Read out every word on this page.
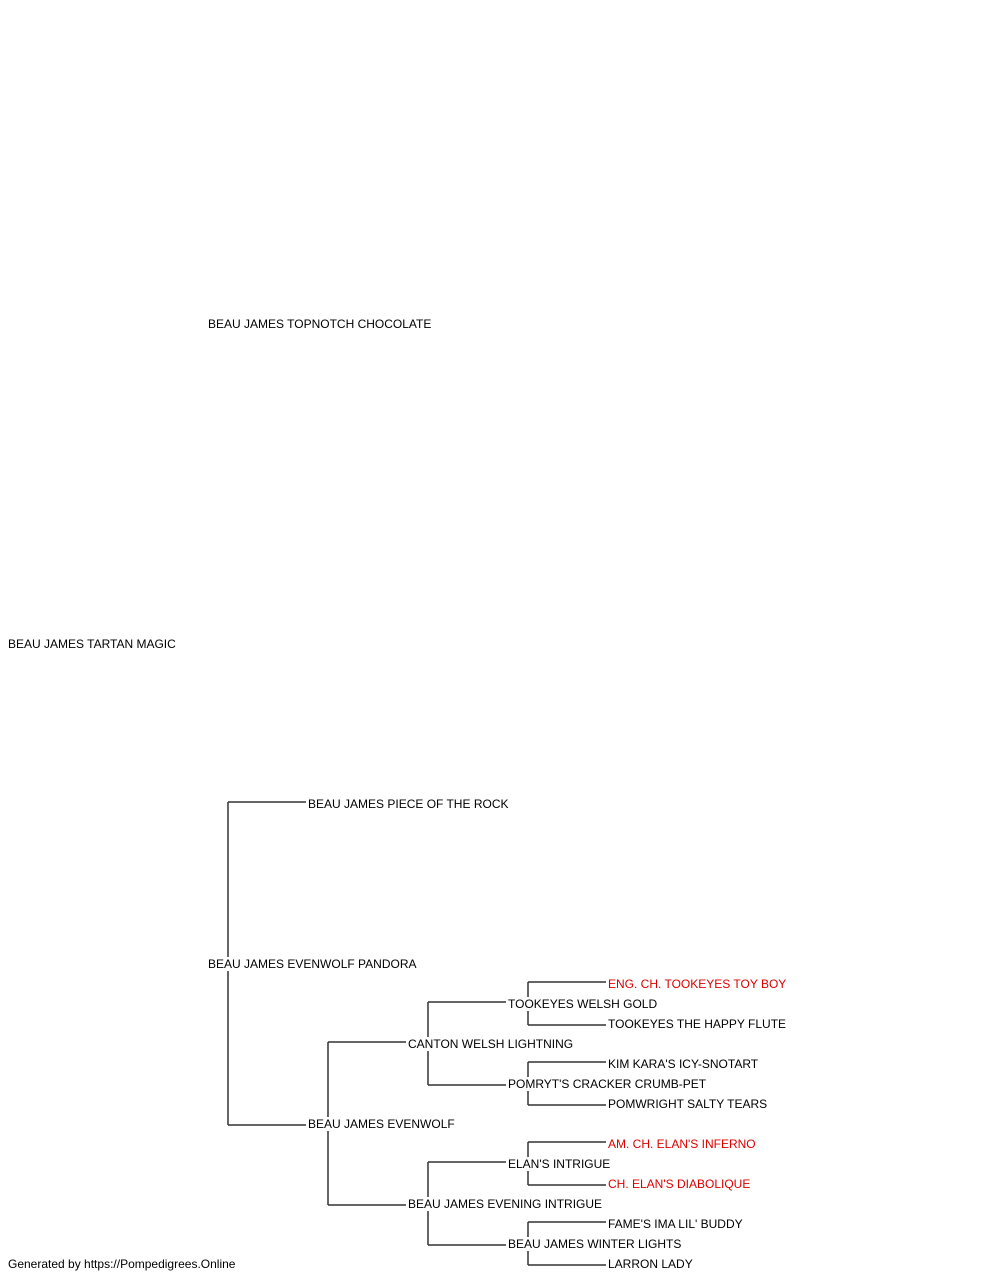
BEAU JAMES TARTAN MAGIC
BEAU JAMES TOPNOTCH CHOCOLATE
BEAU JAMES EVENWOLF PANDORA
BEAU JAMES PIECE OF THE ROCK
BEAU JAMES EVENWOLF
CANTON WELSH LIGHTNING
BEAU JAMES EVENING INTRIGUE
TOOKEYES WELSH GOLD
POMRYT'S CRACKER CRUMB-PET
ELAN'S INTRIGUE
BEAU JAMES WINTER LIGHTS
ENG. CH. TOOKEYES TOY BOY
TOOKEYES THE HAPPY FLUTE
KIM KARA'S ICY-SNOTART
POMWRIGHT SALTY TEARS
AM. CH. ELAN'S INFERNO
CH. ELAN'S DIABOLIQUE
FAME'S IMA LIL' BUDDY
LARRON LADY
Generated by https://Pompedigrees.Online
